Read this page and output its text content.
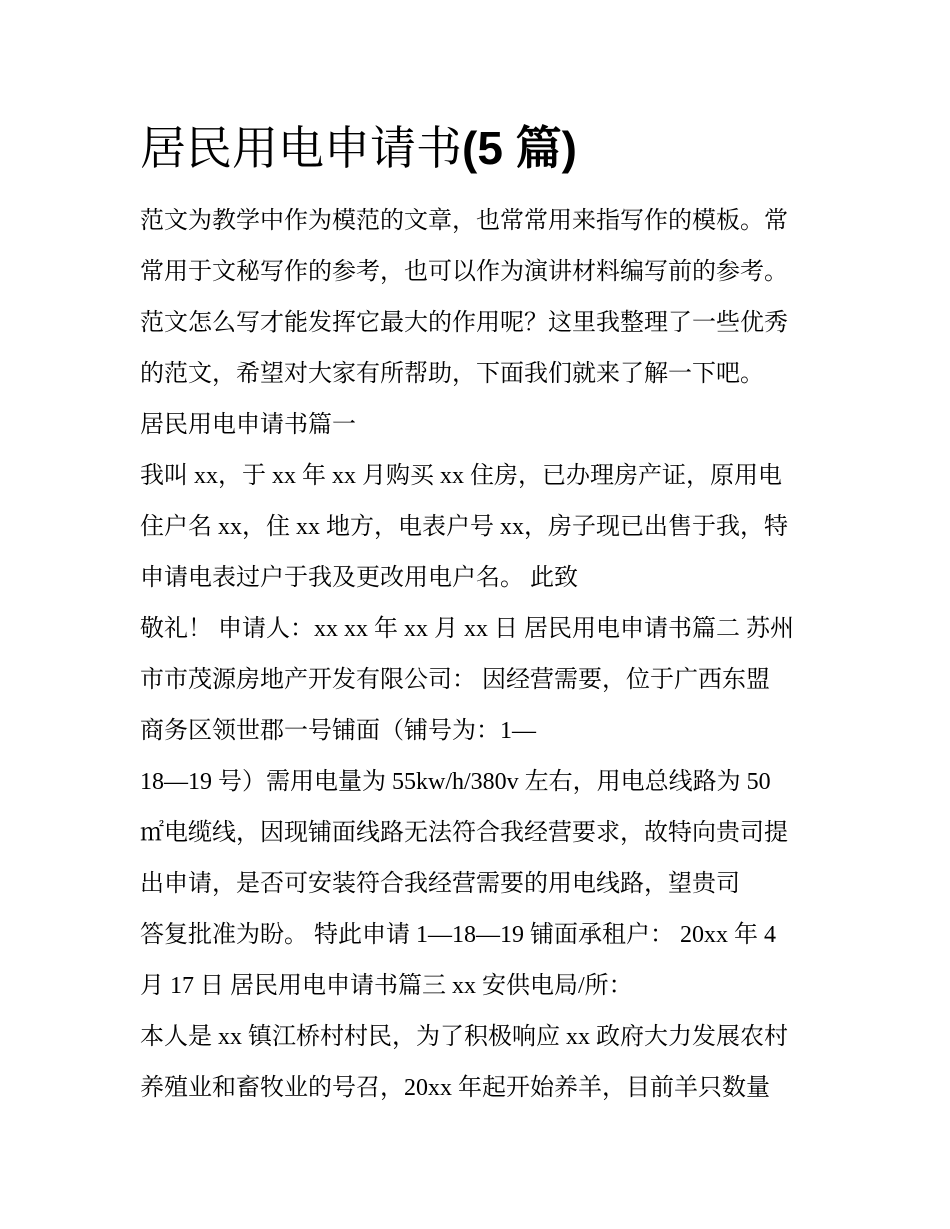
居民用电申请书(5 篇)
范文为教学中作为模范的文章，也常常用来指写作的模板。常
常用于文秘写作的参考，也可以作为演讲材料编写前的参考。
范文怎么写才能发挥它最大的作用呢？这里我整理了一些优秀
的范文，希望对大家有所帮助，下面我们就来了解一下吧。
居民用电申请书篇一
我叫 xx，于 xx 年 xx 月购买 xx 住房，已办理房产证，原用电
住户名 xx，住 xx 地方，电表户号 xx，房子现已出售于我，特
申请电表过户于我及更改用电户名。 此致
敬礼！ 申请人：xx xx 年 xx 月 xx 日 居民用电申请书篇二 苏州
市市茂源房地产开发有限公司： 因经营需要，位于广西东盟
商务区领世郡一号铺面（铺号为：1—
18—19 号）需用电量为 55kw/h/380v 左右，用电总线路为 50
㎡电缆线，因现铺面线路无法符合我经营要求，故特向贵司提
出申请，是否可安装符合我经营需要的用电线路，望贵司
答复批准为盼。 特此申请 1—18—19 铺面承租户： 20xx 年 4
月 17 日 居民用电申请书篇三 xx 安供电局/所：
本人是 xx 镇江桥村村民，为了积极响应 xx 政府大力发展农村
养殖业和畜牧业的号召，20xx 年起开始养羊，目前羊只数量
